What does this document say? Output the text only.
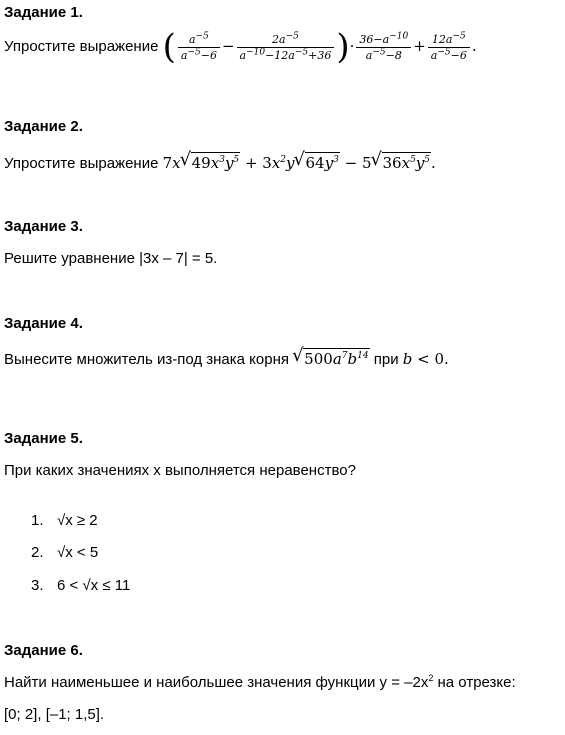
Задание 1.
Упростите выражение ( $\frac{a^{-5}}{a^{-5}-6} - \frac{2a^{-5}}{a^{-10}-12a^{-5}+36}$ )· $\frac{36-a^{-10}}{a^{-5}-8} + \frac{12a^{-5}}{a^{-5}-6}$ .
Задание 2.
Упростите выражение 7x√ $49x^3y^5 + 3x^2y√$ $64y^3 - 5√$ $36x^5y^5$.
Задание 3.
Решите уравнение |3x – 7| = 5.
Задание 4.
Вынесите множитель из-под знака корня √ $500a^7b^{14}$ при b < 0.
Задание 5.
При каких значениях х выполняется неравенство?
1. √x ≥ 2
2. √x < 5
3. 6 < √x ≤ 11
Задание 6.
Найти наименьшее и наибольшее значения функции $у = -2x^2$ на отрезке:
[0; 2], [–1; 1,5].
